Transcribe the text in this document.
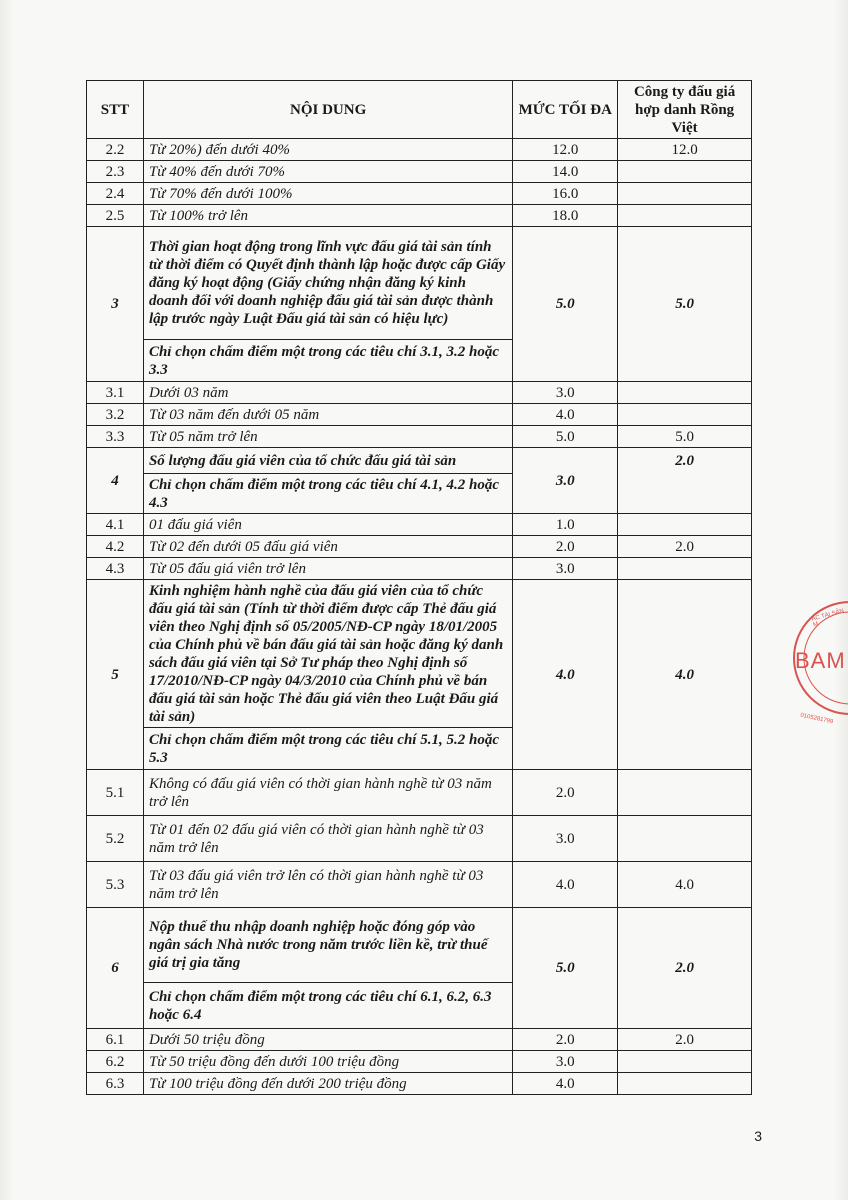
STT	NỘI DUNG	MỨC TỐI ĐA	Công ty đấu giá hợp danh Rồng Việt
2.2	Từ 20%) đến dưới 40%	12.0	12.0
2.3	Từ 40% đến dưới 70%	14.0	
2.4	Từ 70% đến dưới 100%	16.0	
2.5	Từ 100% trở lên	18.0	
3	Thời gian hoạt động trong lĩnh vực đấu giá tài sản tính từ thời điểm có Quyết định thành lập hoặc được cấp Giấy đăng ký hoạt động (Giấy chứng nhận đăng ký kinh doanh đối với doanh nghiệp đấu giá tài sản được thành lập trước ngày Luật Đấu giá tài sản có hiệu lực)	5.0	5.0
	Chỉ chọn chấm điểm một trong các tiêu chí 3.1, 3.2 hoặc 3.3		
3.1	Dưới 03 năm	3.0	
3.2	Từ 03 năm đến dưới 05 năm	4.0	
3.3	Từ 05 năm trở lên	5.0	5.0
4	Số lượng đấu giá viên của tổ chức đấu giá tài sản	3.0	2.0
	Chỉ chọn chấm điểm một trong các tiêu chí 4.1, 4.2 hoặc 4.3		
4.1	01 đấu giá viên	1.0	
4.2	Từ 02 đến dưới 05 đấu giá viên	2.0	2.0
4.3	Từ 05 đấu giá viên trở lên	3.0	
5	Kinh nghiệm hành nghề của đấu giá viên của tổ chức đấu giá tài sản (Tính từ thời điểm được cấp Thẻ đấu giá viên theo Nghị định số 05/2005/NĐ-CP ngày 18/01/2005 của Chính phủ về bán đấu giá tài sản hoặc đăng ký danh sách đấu giá viên tại Sở Tư pháp theo Nghị định số 17/2010/NĐ-CP ngày 04/3/2010 của Chính phủ về bán đấu giá tài sản hoặc Thẻ đấu giá viên theo Luật Đấu giá tài sản)	4.0	4.0
	Chỉ chọn chấm điểm một trong các tiêu chí 5.1, 5.2 hoặc 5.3		
5.1	Không có đấu giá viên có thời gian hành nghề từ 03 năm trở lên	2.0	
5.2	Từ 01 đến 02 đấu giá viên có thời gian hành nghề từ 03 năm trở lên	3.0	
5.3	Từ 03 đấu giá viên trở lên có thời gian hành nghề từ 03 năm trở lên	4.0	4.0
6	Nộp thuế thu nhập doanh nghiệp hoặc đóng góp vào ngân sách Nhà nước trong năm trước liền kề, trừ thuế giá trị gia tăng	5.0	2.0
	Chỉ chọn chấm điểm một trong các tiêu chí 6.1, 6.2, 6.3 hoặc 6.4		
6.1	Dưới 50 triệu đồng	2.0	2.0
6.2	Từ 50 triệu đồng đến dưới 100 triệu đồng	3.0	
6.3	Từ 100 triệu đồng đến dưới 200 triệu đồng	4.0	
ÁC TÀI SẢN M
BAM
0105281799
3
